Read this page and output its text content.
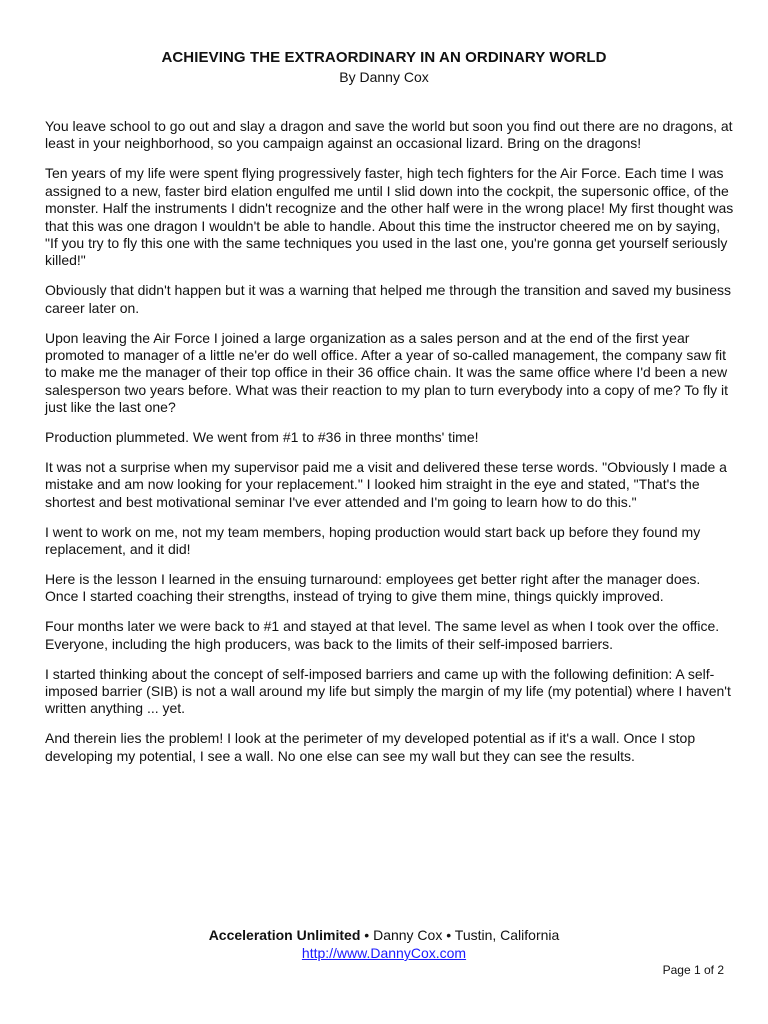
ACHIEVING THE EXTRAORDINARY IN AN ORDINARY WORLD

By Danny Cox

You leave school to go out and slay a dragon and save the world but soon you find out there are no dragons, at least in your neighborhood, so you campaign against an occasional lizard. Bring on the dragons!

Ten years of my life were spent flying progressively faster, high tech fighters for the Air Force. Each time I was assigned to a new, faster bird elation engulfed me until I slid down into the cockpit, the supersonic office, of the monster. Half the instruments I didn't recognize and the other half were in the wrong place! My first thought was that this was one dragon I wouldn't be able to handle. About this time the instructor cheered me on by saying, "If you try to fly this one with the same techniques you used in the last one, you're gonna get yourself seriously killed!"

Obviously that didn't happen but it was a warning that helped me through the transition and saved my business career later on.

Upon leaving the Air Force I joined a large organization as a sales person and at the end of the first year promoted to manager of a little ne'er do well office. After a year of so-called management, the company saw fit to make me the manager of their top office in their 36 office chain. It was the same office where I'd been a new salesperson two years before. What was their reaction to my plan to turn everybody into a copy of me? To fly it just like the last one?

Production plummeted. We went from #1 to #36 in three months' time!

It was not a surprise when my supervisor paid me a visit and delivered these terse words. "Obviously I made a mistake and am now looking for your replacement." I looked him straight in the eye and stated, "That's the shortest and best motivational seminar I've ever attended and I'm going to learn how to do this."

I went to work on me, not my team members, hoping production would start back up before they found my replacement, and it did!

Here is the lesson I learned in the ensuing turnaround: employees get better right after the manager does. Once I started coaching their strengths, instead of trying to give them mine, things quickly improved.

Four months later we were back to #1 and stayed at that level. The same level as when I took over the office. Everyone, including the high producers, was back to the limits of their self-imposed barriers.

I started thinking about the concept of self-imposed barriers and came up with the following definition: A self-imposed barrier (SIB) is not a wall around my life but simply the margin of my life (my potential) where I haven't written anything ... yet.

And therein lies the problem! I look at the perimeter of my developed potential as if it's a wall. Once I stop developing my potential, I see a wall. No one else can see my wall but they can see the results.

Acceleration Unlimited • Danny Cox • Tustin, California
http://www.DannyCox.com
Page 1 of 2
